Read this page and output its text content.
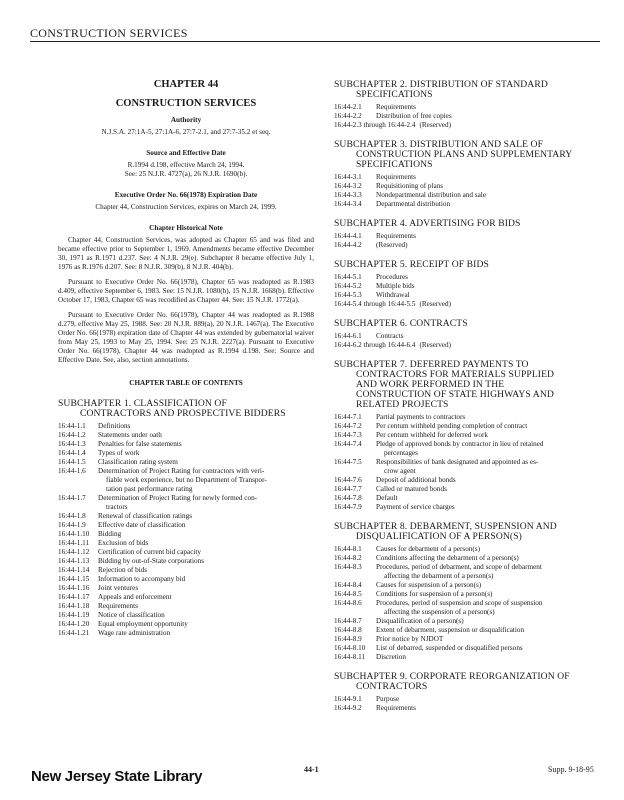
CONSTRUCTION SERVICES
CHAPTER 44
CONSTRUCTION SERVICES
Authority
N.J.S.A. 27:1A-5, 27:1A-6, 27:7-2.1, and 27:7-35.2 et seq.
Source and Effective Date
R.1994 d.198, effective March 24, 1994.
See: 25 N.J.R. 4727(a), 26 N.J.R. 1690(b).
Executive Order No. 66(1978) Expiration Date
Chapter 44, Construction Services, expires on March 24, 1999.
Chapter Historical Note

Chapter 44, Construction Services, was adopted as Chapter 65 and was filed and became effective prior to September 1, 1969. Amendments became effective December 30, 1971 as R.1971 d.237. See: 4 N.J.R. 29(e). Subchapter 8 became effective July 1, 1976 as R.1976 d.207. See: 8 N.J.R. 309(b), 8 N.J.R. 404(b).

Pursuant to Executive Order No. 66(1978), Chapter 65 was readopted as R.1983 d.409, effective September 6, 1983. See: 15 N.J.R. 1080(b), 15 N.J.R. 1668(b). Effective October 17, 1983, Chapter 65 was recodified as Chapter 44. See: 15 N.J.R. 1772(a).

Pursuant to Executive Order No. 66(1978), Chapter 44 was readopted as R.1988 d.279, effective May 25, 1988. See: 20 N.J.R. 889(a), 20 N.J.R. 1467(a). The Executive Order No. 66(1978) expiration date of Chapter 44 was extended by gubernatorial waiver from May 25, 1993 to May 25, 1994. See: 25 N.J.R. 2227(a). Pursuant to Executive Order No. 66(1978), Chapter 44 was readopted as R.1994 d.198. See: Source and Effective Date. See, also, section annotations.

CHAPTER TABLE OF CONTENTS
SUBCHAPTER 1. CLASSIFICATION OF
CONTRACTORS AND PROSPECTIVE BIDDERS
16:44-1.1	Definitions
16:44-1.2	Statements under oath
16:44-1.3	Penalties for false statements
16:44-1.4	Types of work
16:44-1.5	Classification rating system
16:44-1.6	Determination of Project Rating for contractors with veri-
fiable work experience, but no Department of Transpor-
tation past performance rating
16:44-1.7	Determination of Project Rating for newly formed con-
tractors
16:44-1.8	Renewal of classification ratings
16:44-1.9	Effective date of classification
16:44-1.10	Bidding
16:44-1.11	Exclusion of bids
16:44-1.12	Certification of current bid capacity
16:44-1.13	Bidding by out-of-State corporations
16:44-1.14	Rejection of bids
16:44-1.15	Information to accompany bid
16:44-1.16	Joint ventures
16:44-1.17	Appeals and enforcement
16:44-1.18	Requirements
16:44-1.19	Notice of classification
16:44-1.20	Equal employment opportunity
16:44-1.21	Wage rate administration
SUBCHAPTER 2. DISTRIBUTION OF STANDARD
SPECIFICATIONS
16:44-2.1	Requirements
16:44-2.2	Distribution of free copies
16:44-2.3 through 16:44-2.4 (Reserved)
SUBCHAPTER 3. DISTRIBUTION AND SALE OF
CONSTRUCTION PLANS AND SUPPLEMENTARY
SPECIFICATIONS
16:44-3.1	Requirements
16:44-3.2	Requisitioning of plans
16:44-3.3	Nondepartmental distribution and sale
16:44-3.4	Departmental distribution
SUBCHAPTER 4. ADVERTISING FOR BIDS
16:44-4.1	Requirements
16:44-4.2	(Reserved)
SUBCHAPTER 5. RECEIPT OF BIDS
16:44-5.1	Procedures
16:44-5.2	Multiple bids
16:44-5.3	Withdrawal
16:44-5.4 through 16:44-5.5 (Reserved)
SUBCHAPTER 6. CONTRACTS
16:44-6.1	Contracts
16:44-6.2 through 16:44-6.4 (Reserved)
SUBCHAPTER 7. DEFERRED PAYMENTS TO
CONTRACTORS FOR MATERIALS SUPPLIED
AND WORK PERFORMED IN THE
CONSTRUCTION OF STATE HIGHWAYS AND
RELATED PROJECTS
16:44-7.1	Partial payments to contractors
16:44-7.2	Per centum withheld pending completion of contract
16:44-7.3	Per centum withheld for deferred work
16:44-7.4	Pledge of approved bonds by contractor in lieu of retained
percentages
16:44-7.5	Responsibilities of bank designated and appointed as es-
crow agent
16:44-7.6	Deposit of additional bonds
16:44-7.7	Called or matured bonds
16:44-7.8	Default
16:44-7.9	Payment of service charges
SUBCHAPTER 8. DEBARMENT, SUSPENSION AND
DISQUALIFICATION OF A PERSON(S)
16:44-8.1	Causes for debarment of a person(s)
16:44-8.2	Conditions affecting the debarment of a person(s)
16:44-8.3	Procedures, period of debarment, and scope of debarment
affecting the debarment of a person(s)
16:44-8.4	Causes for suspension of a person(s)
16:44-8.5	Conditions for suspension of a person(s)
16:44-8.6	Procedures, period of suspension and scope of suspension
affecting the suspension of a person(s)
16:44-8.7	Disqualification of a person(s)
16:44-8.8	Extent of debarment, suspension or disqualification
16:44-8.9	Prior notice by NJDOT
16:44-8.10	List of debarred, suspended or disqualified persons
16:44-8.11	Discretion
SUBCHAPTER 9. CORPORATE REORGANIZATION OF
CONTRACTORS
16:44-9.1	Purpose
16:44-9.2	Requirements
New Jersey State Library	44-1	Supp. 9-18-95
